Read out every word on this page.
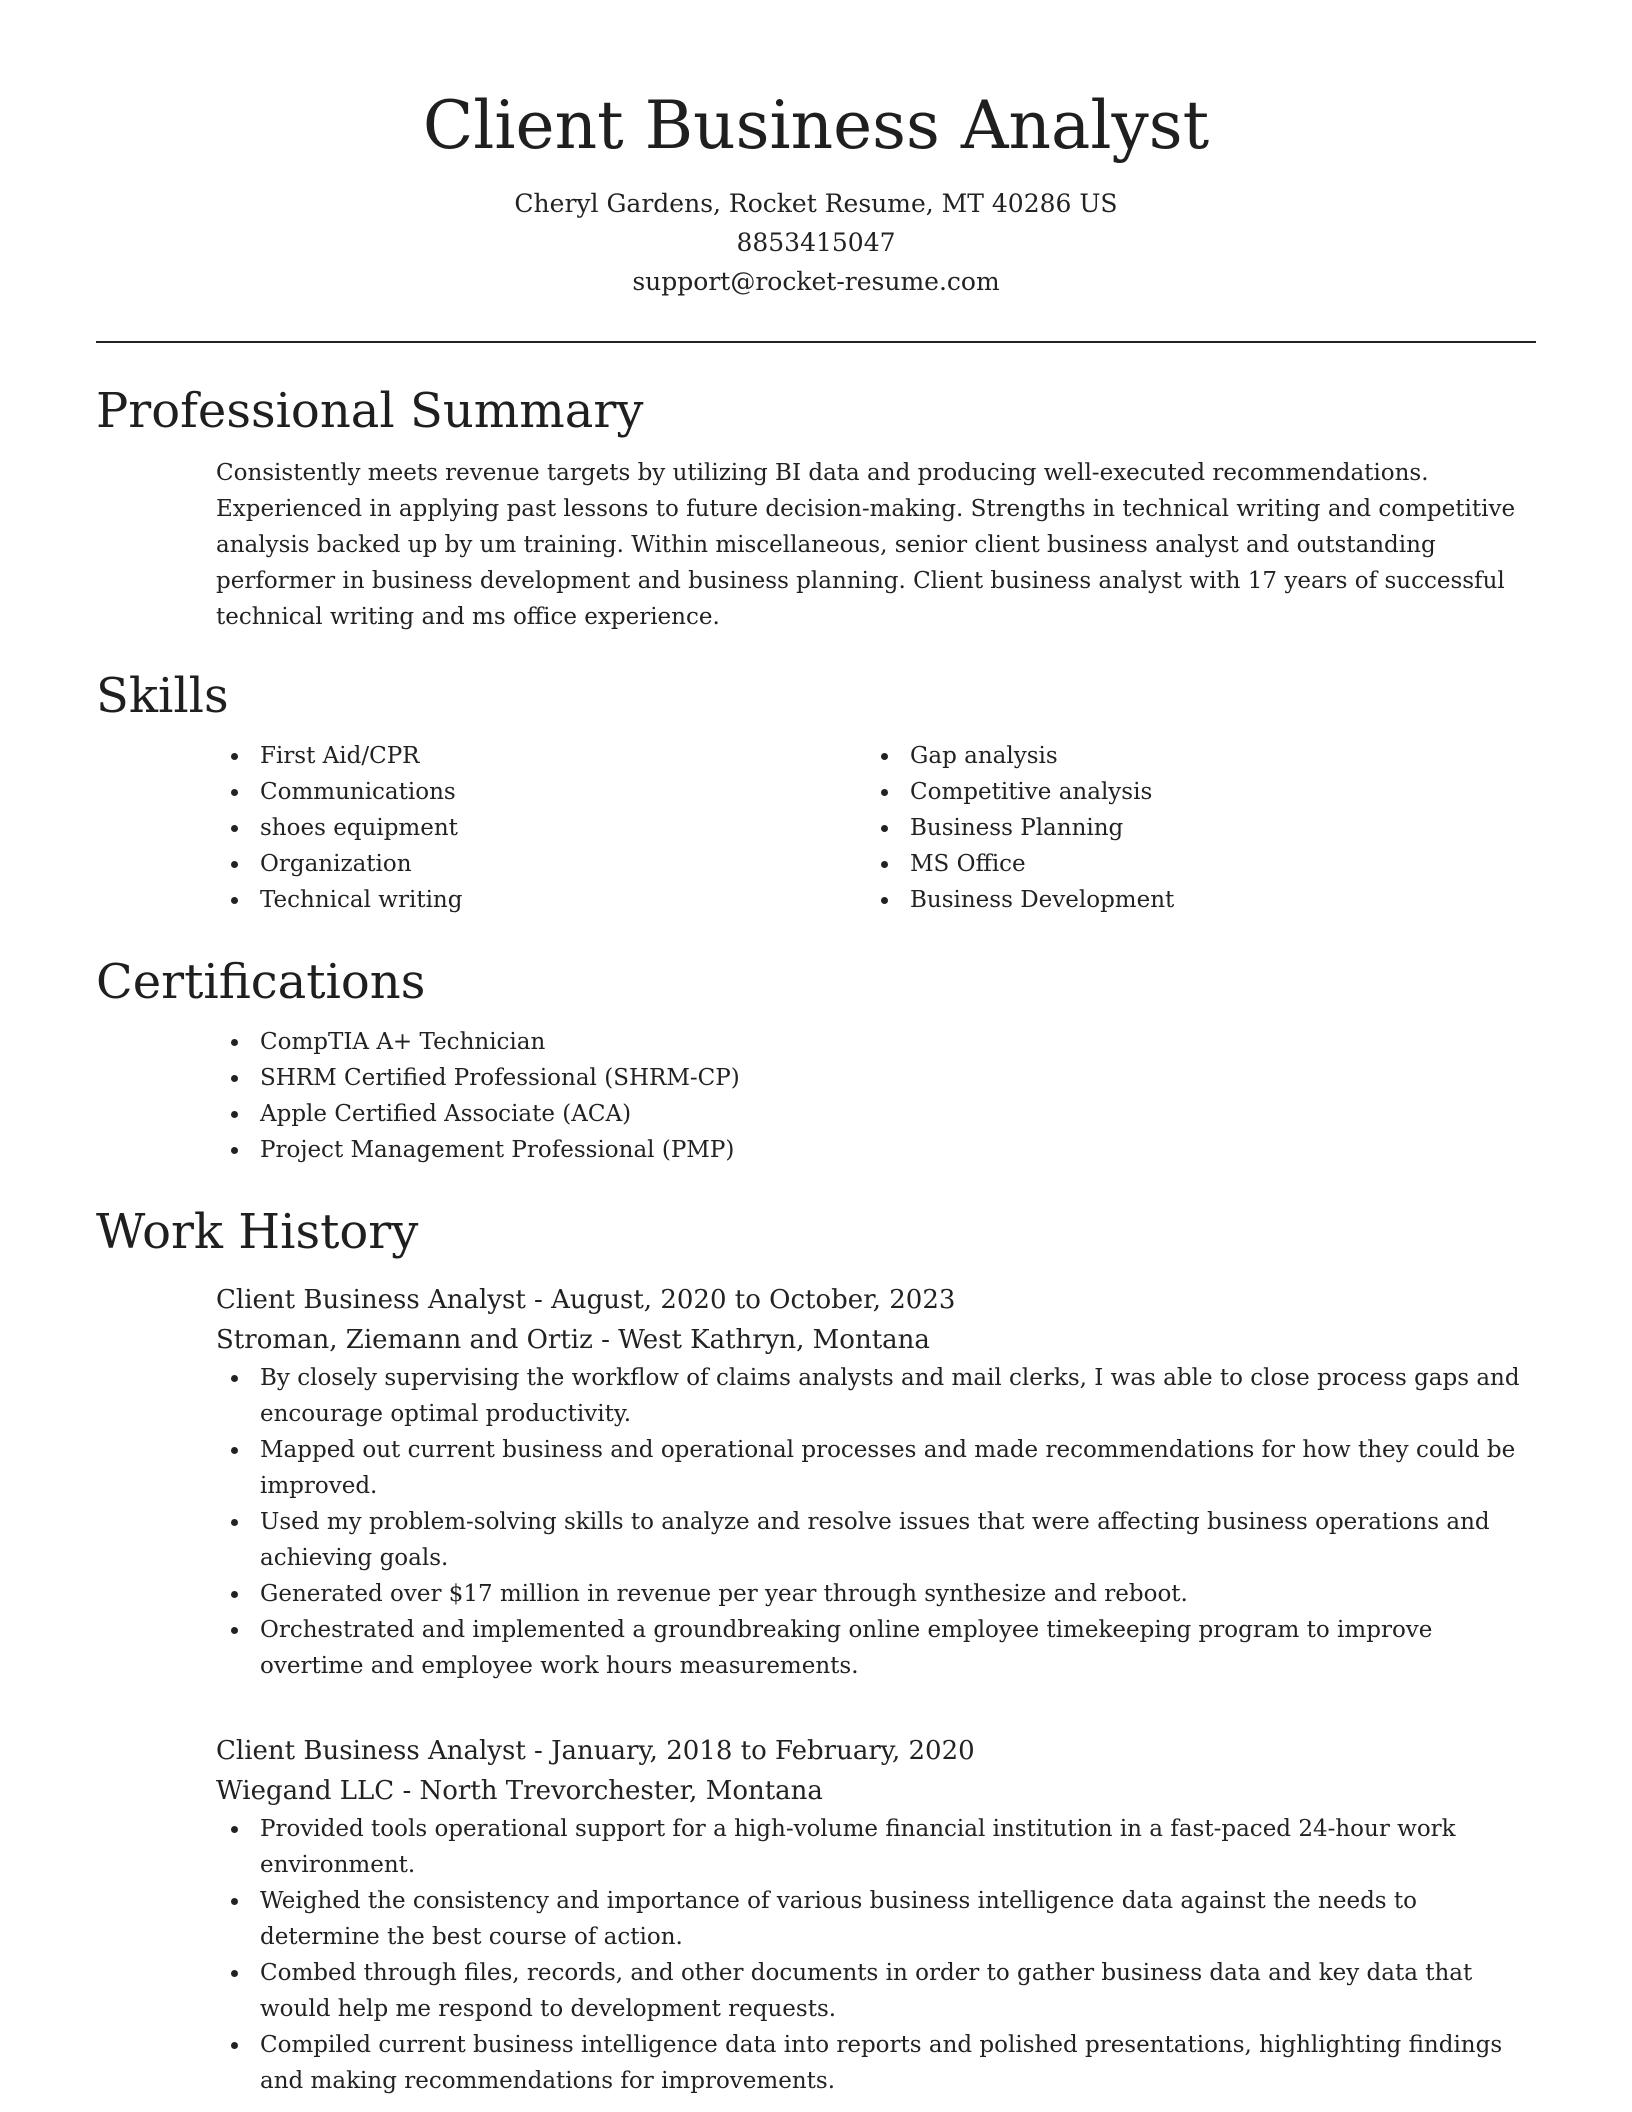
Client Business Analyst
Cheryl Gardens, Rocket Resume, MT 40286 US
8853415047
support@rocket-resume.com
Professional Summary
Consistently meets revenue targets by utilizing BI data and producing well-executed recommendations. Experienced in applying past lessons to future decision-making. Strengths in technical writing and competitive analysis backed up by um training. Within miscellaneous, senior client business analyst and outstanding performer in business development and business planning. Client business analyst with 17 years of successful technical writing and ms office experience.
Skills
First Aid/CPR
Communications
shoes equipment
Organization
Technical writing
Gap analysis
Competitive analysis
Business Planning
MS Office
Business Development
Certifications
CompTIA A+ Technician
SHRM Certified Professional (SHRM-CP)
Apple Certified Associate (ACA)
Project Management Professional (PMP)
Work History
Client Business Analyst - August, 2020 to October, 2023
Stroman, Ziemann and Ortiz - West Kathryn, Montana
By closely supervising the workflow of claims analysts and mail clerks, I was able to close process gaps and encourage optimal productivity.
Mapped out current business and operational processes and made recommendations for how they could be improved.
Used my problem-solving skills to analyze and resolve issues that were affecting business operations and achieving goals.
Generated over $17 million in revenue per year through synthesize and reboot.
Orchestrated and implemented a groundbreaking online employee timekeeping program to improve overtime and employee work hours measurements.
Client Business Analyst - January, 2018 to February, 2020
Wiegand LLC - North Trevorchester, Montana
Provided tools operational support for a high-volume financial institution in a fast-paced 24-hour work environment.
Weighed the consistency and importance of various business intelligence data against the needs to determine the best course of action.
Combed through files, records, and other documents in order to gather business data and key data that would help me respond to development requests.
Compiled current business intelligence data into reports and polished presentations, highlighting findings and making recommendations for improvements.
